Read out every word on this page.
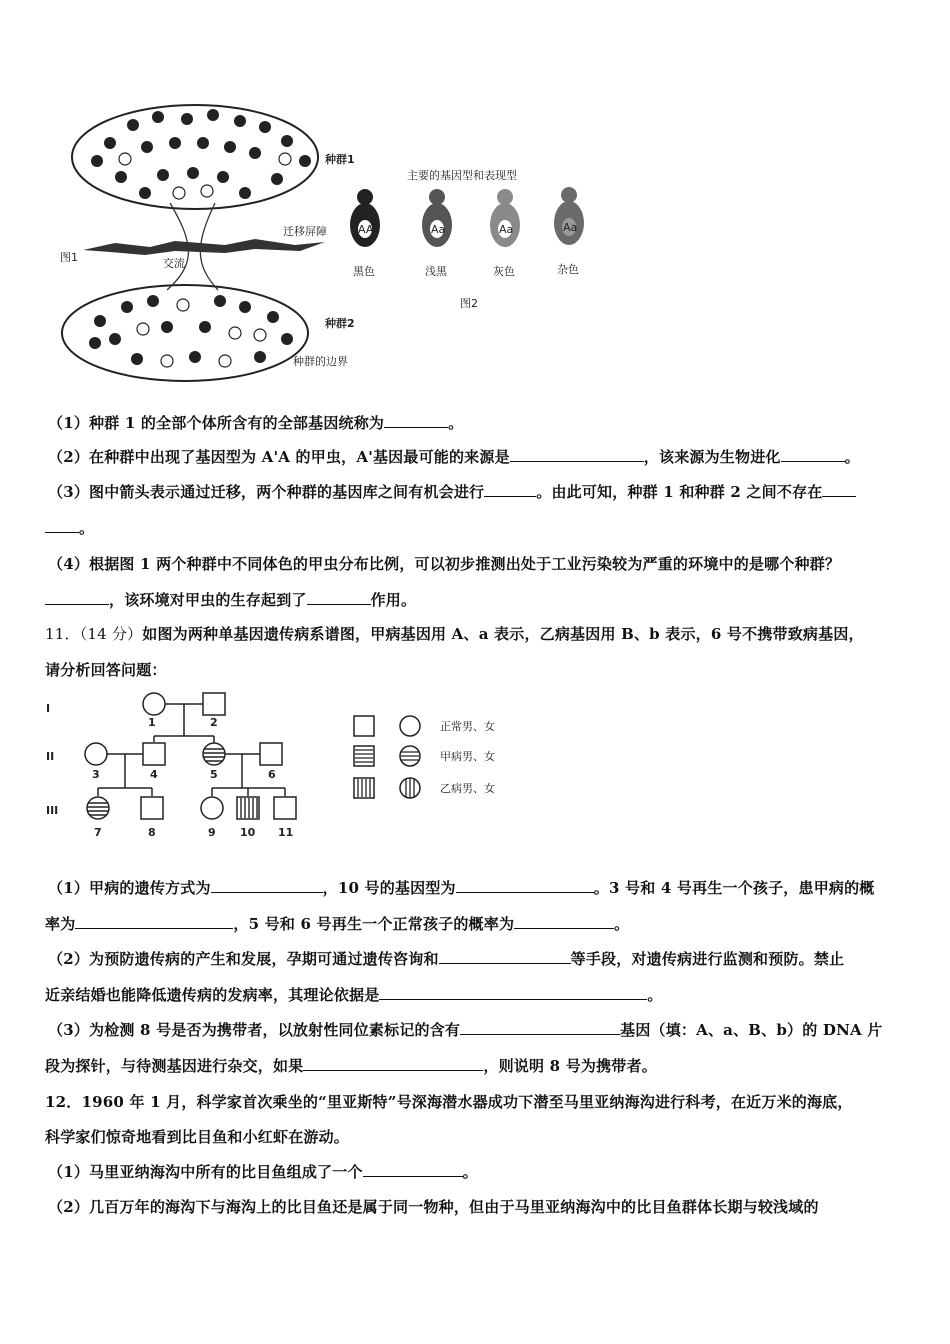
种群1
种群2
图1	交流
迁移屏障
种群的边界
主要的基因型和表现型
AA
黑色
Aa
浅黑
Aa
灰色
Aa
杂色
图2
（1）种群 1 的全部个体所含有的全部基因统称为	。
（2）在种群中出现了基因型为 A'A 的甲虫，A'基因最可能的来源是	，该来源为生物进化	。
（3）图中箭头表示通过迁移，两个种群的基因库之间有机会进行	。由此可知，种群 1 和种群 2 之间不存在
。
（4）根据图 1 两个种群中不同体色的甲虫分布比例，可以初步推测出处于工业污染较为严重的环境中的是哪个种群？
，该环境对甲虫的生存起到了	作用。
11．（14 分）如图为两种单基因遗传病系谱图，甲病基因用 A、a 表示，乙病基因用 B、b 表示，6 号不携带致病基因，
请分析回答问题：
I
II
III
1	2
3	4	5	6
7	8	9 10 11
正常男、女
甲病男、女
乙病男、女
（1）甲病的遗传方式为	，10 号的基因型为	。3 号和 4 号再生一个孩子，患甲病的概
率为	，5 号和 6 号再生一个正常孩子的概率为	。
（2）为预防遗传病的产生和发展，孕期可通过遗传咨询和	等手段，对遗传病进行监测和预防。禁止
近亲结婚也能降低遗传病的发病率，其理论依据是	。
（3）为检测 8 号是否为携带者，以放射性同位素标记的含有	基因（填：A、a、B、b）的 DNA 片
段为探针，与待测基因进行杂交，如果	，则说明 8 号为携带者。
12．1960 年 1 月，科学家首次乘坐的“里亚斯特”号深海潜水器成功下潜至马里亚纳海沟进行科考，在近万米的海底，
科学家们惊奇地看到比目鱼和小红虾在游动。
（1）马里亚纳海沟中所有的比目鱼组成了一个	。
（2）几百万年的海沟下与海沟上的比目鱼还是属于同一物种，但由于马里亚纳海沟中的比目鱼群体长期与较浅域的
